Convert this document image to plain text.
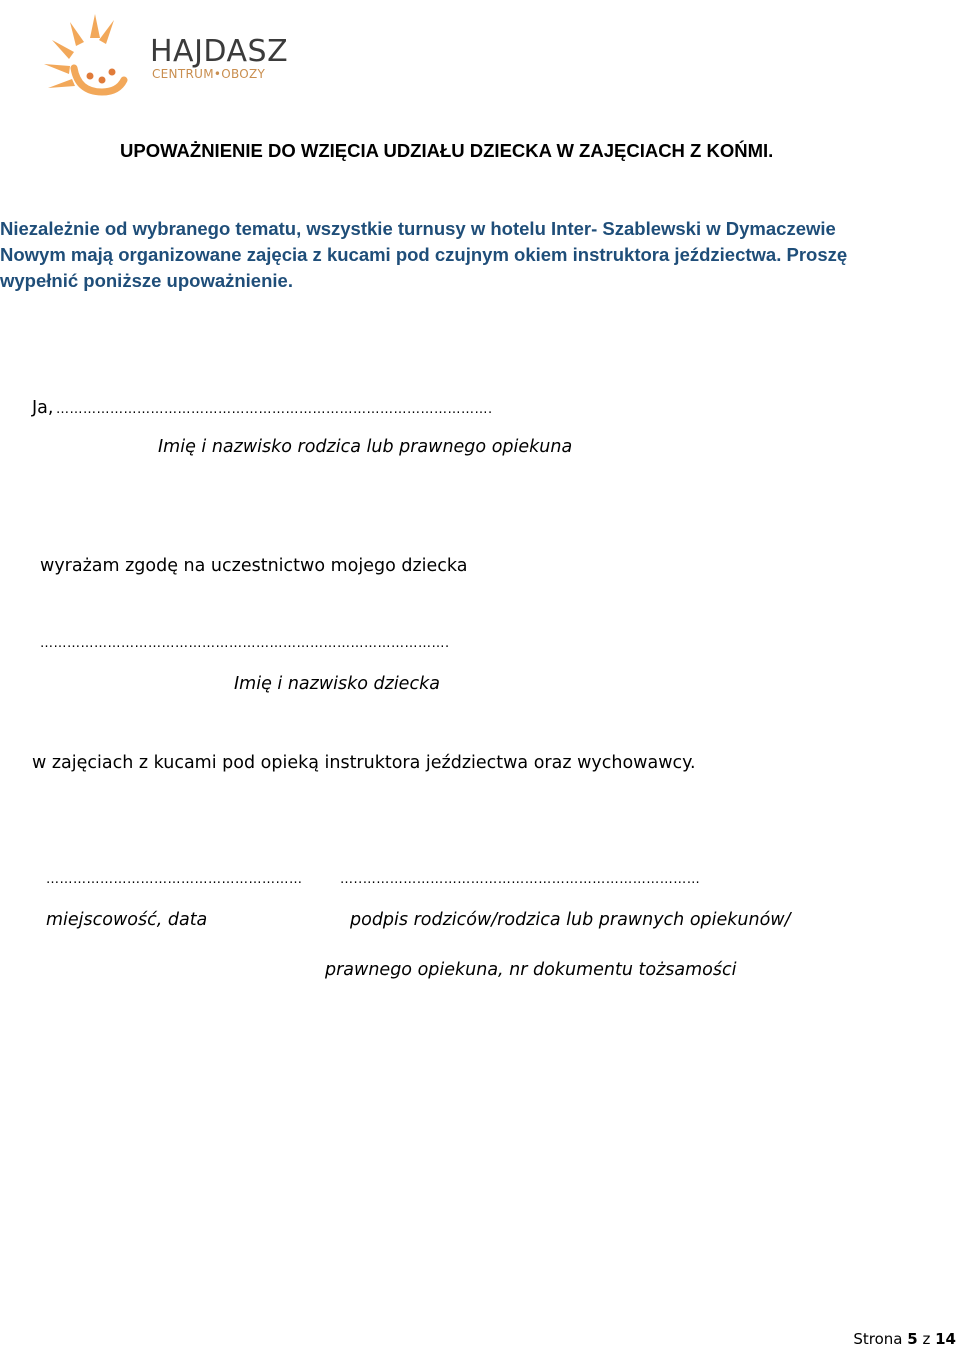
HAJDASZ
CENTRUM•OBOZY
UPOWAŻNIENIE DO WZIĘCIA UDZIAŁU DZIECKA W ZAJĘCIACH Z KOŃMI.
Niezależnie od wybranego tematu, wszystkie turnusy w hotelu Inter- Szablewski w Dymaczewie
Nowym mają organizowane zajęcia z kucami pod czujnym okiem instruktora jeździectwa. Proszę
wypełnić poniższe upoważnienie.
Ja, …………………………………………………………………………………….
Imię i nazwisko rodzica lub prawnego opiekuna
wyrażam zgodę na uczestnictwo mojego dziecka
……………………………………………………………………………….
Imię i nazwisko dziecka
w zajęciach z kucami pod opieką instruktora jeździectwa oraz wychowawcy.
…………………………………………………	…..…………………………………………………………………
miejscowość, data	podpis rodziców/rodzica lub prawnych opiekunów/
prawnego opiekuna, nr dokumentu tożsamości
Strona 5 z 14
